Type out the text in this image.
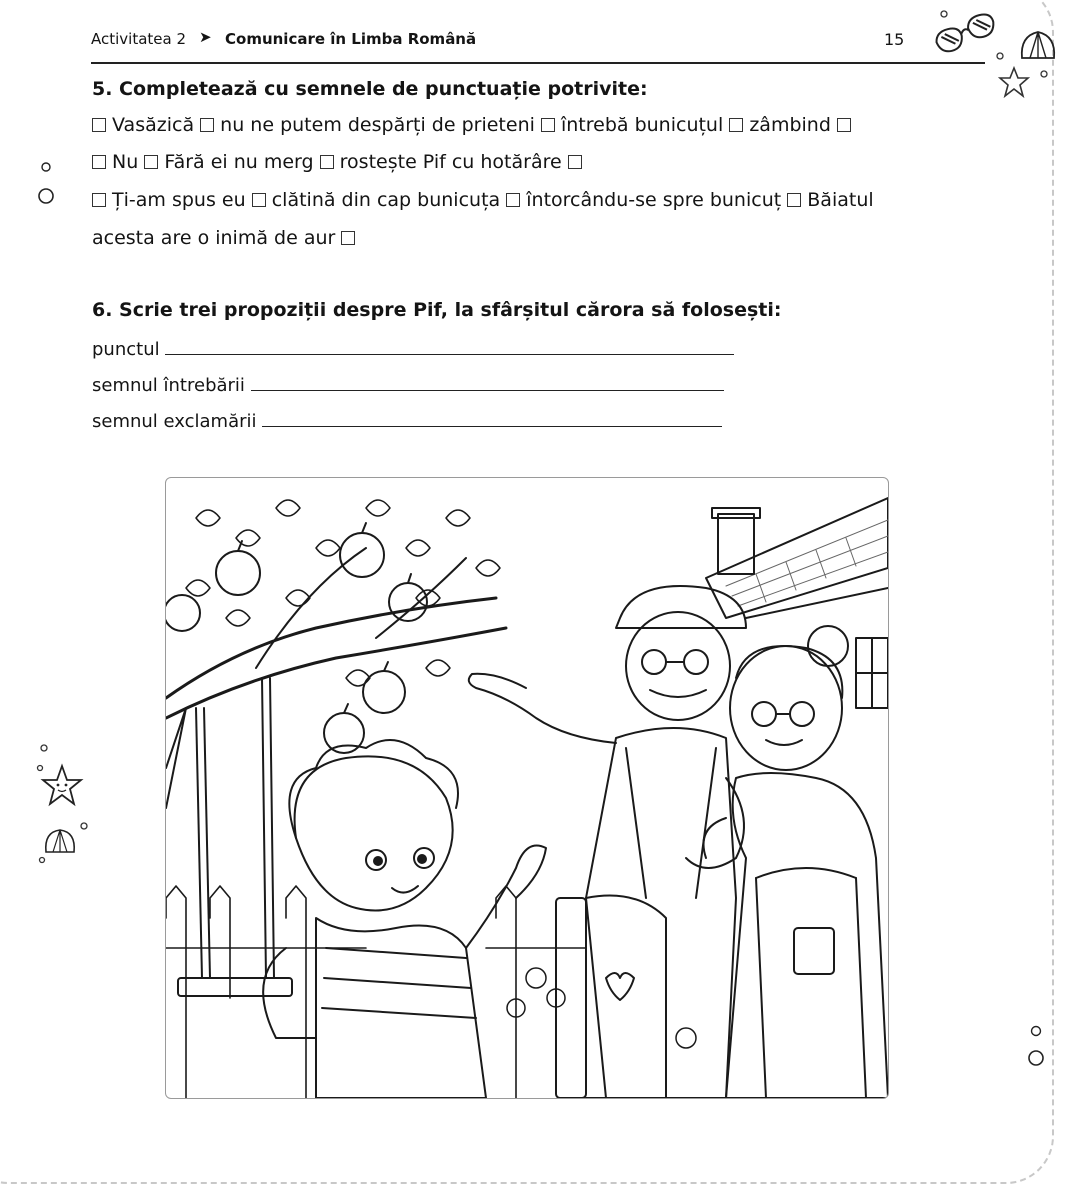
Activitatea 2 ➤ Comunicare în Limba Română	15
5. Completează cu semnele de punctuație potrivite:
Vasăzică  nu ne putem despărți de prieteni  întrebă bunicuțul  zâmbind
Nu  Fără ei nu merg  rostește Pif cu hotărâre
Ți-am spus eu  clătină din cap bunicuța  întorcându-se spre bunicuț  Băiatul
acesta are o inimă de aur
6. Scrie trei propoziții despre Pif, la sfârșitul cărora să folosești:
punctul
semnul întrebării
semnul exclamării
